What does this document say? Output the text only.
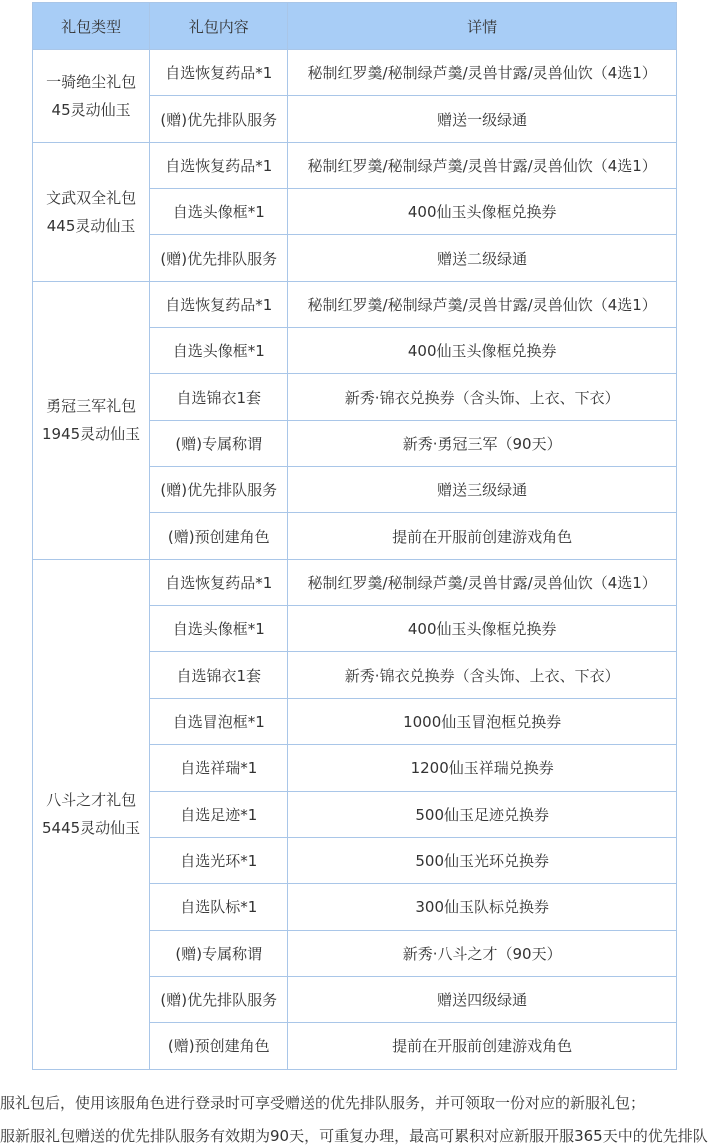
礼包类型	礼包内容	详情

一骑绝尘礼包
45灵动仙玉	自选恢复药品*1	秘制红罗羹/秘制绿芦羹/灵兽甘露/灵兽仙饮（4选1）
	(赠)优先排队服务	赠送一级绿通

文武双全礼包
445灵动仙玉	自选恢复药品*1	秘制红罗羹/秘制绿芦羹/灵兽甘露/灵兽仙饮（4选1）
	自选头像框*1	400仙玉头像框兑换券
	(赠)优先排队服务	赠送二级绿通

勇冠三军礼包
1945灵动仙玉	自选恢复药品*1	秘制红罗羹/秘制绿芦羹/灵兽甘露/灵兽仙饮（4选1）
	自选头像框*1	400仙玉头像框兑换券
	自选锦衣1套	新秀·锦衣兑换券（含头饰、上衣、下衣）
	(赠)专属称谓	新秀·勇冠三军（90天）
	(赠)优先排队服务	赠送三级绿通
	(赠)预创建角色	提前在开服前创建游戏角色

八斗之才礼包
5445灵动仙玉	自选恢复药品*1	秘制红罗羹/秘制绿芦羹/灵兽甘露/灵兽仙饮（4选1）
	自选头像框*1	400仙玉头像框兑换券
	自选锦衣1套	新秀·锦衣兑换券（含头饰、上衣、下衣）
	自选冒泡框*1	1000仙玉冒泡框兑换券
	自选祥瑞*1	1200仙玉祥瑞兑换券
	自选足迹*1	500仙玉足迹兑换券
	自选光环*1	500仙玉光环兑换券
	自选队标*1	300仙玉队标兑换券
	(赠)专属称谓	新秀·八斗之才（90天）
	(赠)优先排队服务	赠送四级绿通
	(赠)预创建角色	提前在开服前创建游戏角色
服礼包后，使用该服角色进行登录时可享受赠送的优先排队服务，并可领取一份对应的新服礼包；
服新服礼包赠送的优先排队服务有效期为90天，可重复办理，最高可累积对应新服开服365天中的优先排队
